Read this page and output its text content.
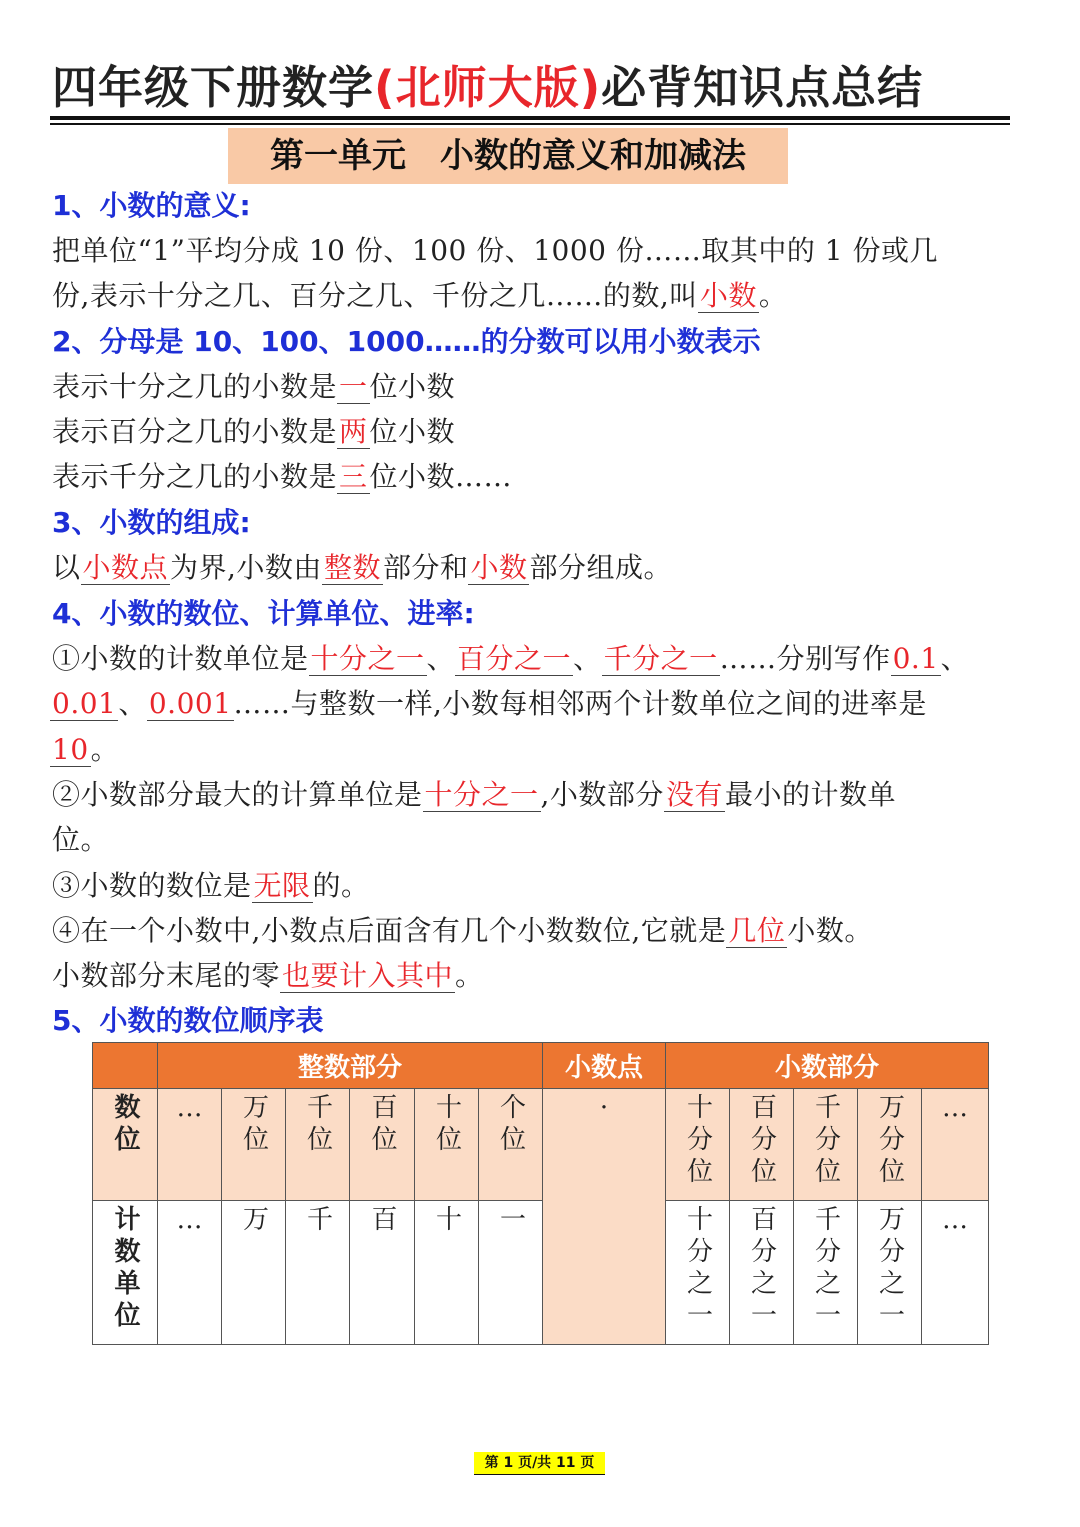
四年级下册数学(北师大版)必背知识点总结
第一单元　小数的意义和加减法
1、小数的意义:
把单位“1”平均分成 10 份、100 份、1000 份……取其中的 1 份或几
份,表示十分之几、百分之几、千份之几……的数,叫小数。
2、分母是 10、100、1000……的分数可以用小数表示
表示十分之几的小数是一位小数
表示百分之几的小数是两位小数
表示千分之几的小数是三位小数……
3、小数的组成:
以小数点为界,小数由整数部分和小数部分组成。
4、小数的数位、计算单位、进率:
①小数的计数单位是十分之一、百分之一、千分之一……分别写作0.1、
0.01、0.001……与整数一样,小数每相邻两个计数单位之间的进率是
10。
②小数部分最大的计算单位是十分之一,小数部分没有最小的计数单
位。
③小数的数位是无限的。
④在一个小数中,小数点后面含有几个小数数位,它就是几位小数。
小数部分末尾的零也要计入其中。
5、小数的数位顺序表
	整数部分						小数点	小数部分				
数位	…	万位	千位	百位	十位	个位	·	十分位	百分位	千分位	万分位	…
计数单位	…	万	千	百	十	一		十分之一	百分之一	千分之一	万分之一	…
第 1 页/共 11 页
